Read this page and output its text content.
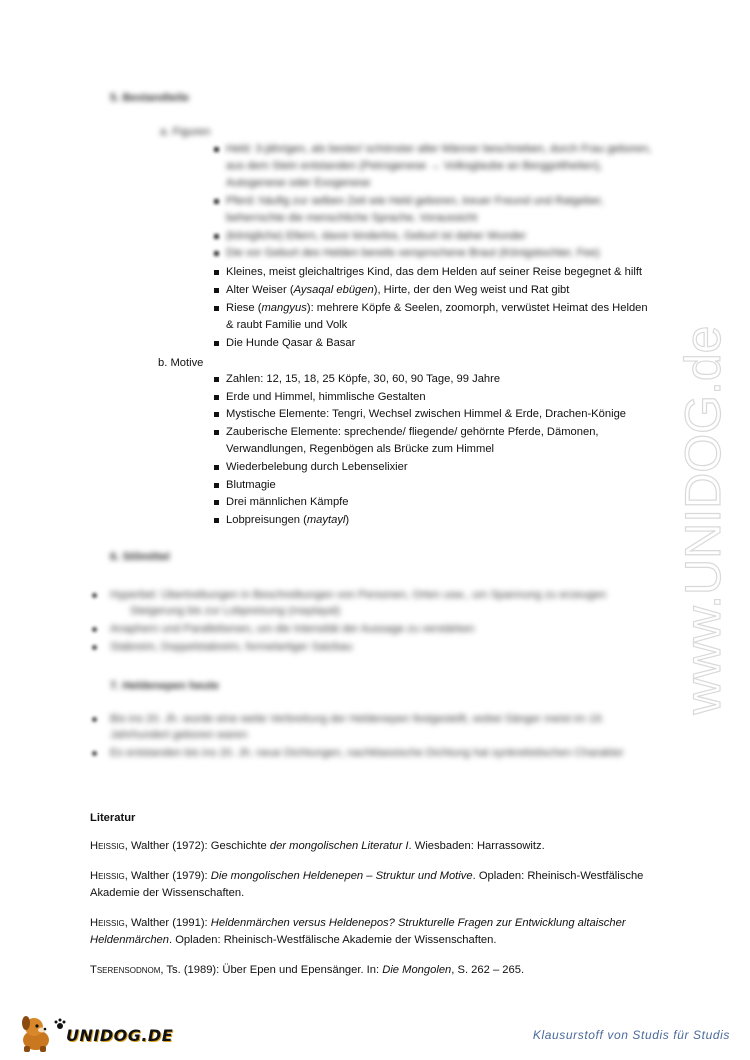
5. Bestandteile
a. Figuren
Held: 3-jährigen, als bester/ schönster aller Männer beschrieben, durch Frau geboren,
aus dem Stein entstanden (Petrogenese → Volksglaube an Berggottheiten),
Autogenese oder Exogenese
Pferd: häufig zur selben Zeit wie Held geboren, treuer Freund und Ratgeber,
beherrschte die menschliche Sprache, Voraussicht
(königliche) Eltern, davor kinderlos, Geburt ist daher Wunder
Die vor Geburt des Helden bereits versprochene Braut (Königstochter, Fee)
Kleines, meist gleichaltriges Kind, das dem Helden auf seiner Reise begegnet & hilft
Alter Weiser (Aysaqal ebügen), Hirte, der den Weg weist und Rat gibt
Riese (mangyus): mehrere Köpfe & Seelen, zoomorph, verwüstet Heimat des Helden
& raubt Familie und Volk
Die Hunde Qasar & Basar
b. Motive
Zahlen: 12, 15, 18, 25 Köpfe, 30, 60, 90 Tage, 99 Jahre
Erde und Himmel, himmlische Gestalten
Mystische Elemente: Tengri, Wechsel zwischen Himmel & Erde, Drachen-Könige
Zauberische Elemente: sprechende/ fliegende/ gehörnte Pferde, Dämonen,
Verwandlungen, Regenbögen als Brücke zum Himmel
Wiederbelebung durch Lebenselixier
Blutmagie
Drei männlichen Kämpfe
Lobpreisungen (maytayl)
6. Stilmittel
Hyperbel: Übertreibungen in Beschreibungen von Personen, Orten usw., um Spannung zu erzeugen
Steigerung bis zur Lobpreisung (maytayal)
Anaphern und Parallelismen, um die Intensität der Aussage zu verstärken
Stabreim, Doppelstabreim, formelartiger Satzbau
7. Heldenepen heute
Bis ins 20. Jh. wurde eine weite Verbreitung der Heldenepen festgestellt, wobei Sänger meist im 19.
Jahrhundert geboren waren
Es entstanden bis ins 20. Jh. neue Dichtungen, nachklassische Dichtung hat synkretistischen Charakter
Literatur
Heissig, Walther (1972): Geschichte der mongolischen Literatur I. Wiesbaden: Harrassowitz.
Heissig, Walther (1979): Die mongolischen Heldenepen – Struktur und Motive. Opladen: Rheinisch-Westfälische
Akademie der Wissenschaften.
Heissig, Walther (1991): Heldenmärchen versus Heldenepos? Strukturelle Fragen zur Entwicklung altaischer
Heldenmärchen. Opladen: Rheinisch-Westfälische Akademie der Wissenschaften.
Tserensodnom, Ts. (1989): Über Epen und Epensänger. In: Die Mongolen, S. 262 – 265.
www.UNIDOG.de
UNIDOG.DE	Klausurstoff von Studis für Studis
